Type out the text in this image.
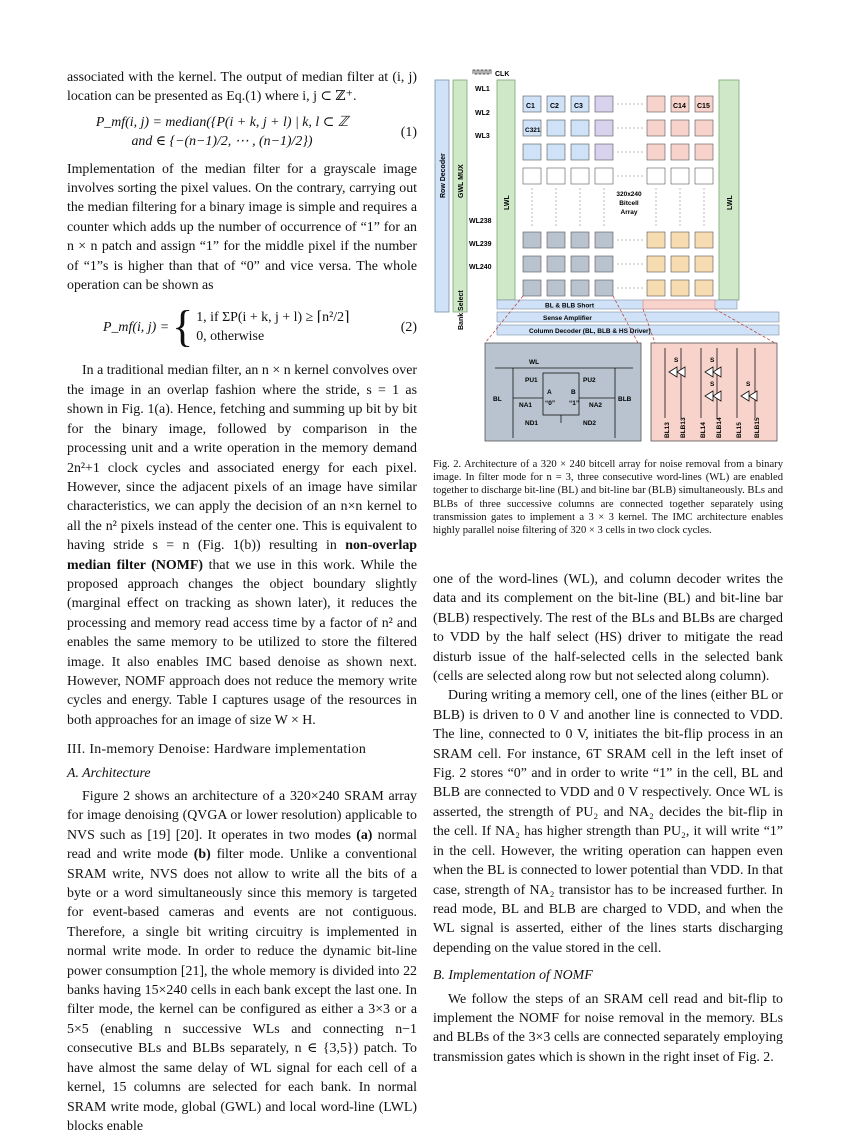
associated with the kernel. The output of median filter at (i, j) location can be presented as Eq.(1) where i, j ⊂ ℤ⁺.

P_mf(i, j) = median({P(i + k, j + l) | k, l ⊂ ℤ
and ∈ {−(n−1)/2, ⋯ , (n−1)/2})
(1)

Implementation of the median filter for a grayscale image involves sorting the pixel values. On the contrary, carrying out the median filtering for a binary image is simple and requires a counter which adds up the number of occurrence of “1” for an n × n patch and assign “1” for the middle pixel if the number of “1”s is higher than that of “0” and vice versa. The whole operation can be shown as

P_mf(i, j) = { 1, if ΣP(i + k, j + l) ≥ ⌈n²/2⌉
0, otherwise
(2)

In a traditional median filter, an n × n kernel convolves over the image in an overlap fashion where the stride, s = 1 as shown in Fig. 1(a). Hence, fetching and summing up bit by bit for the binary image, followed by comparison in the processing unit and a write operation in the memory demand 2n²+1 clock cycles and associated energy for each pixel. However, since the adjacent pixels of an image have similar characteristics, we can apply the decision of an n×n kernel to all the n² pixels instead of the center one. This is equivalent to having stride s = n (Fig. 1(b)) resulting in non-overlap median filter (NOMF) that we use in this work. While the proposed approach changes the object boundary slightly (marginal effect on tracking as shown later), it reduces the processing and memory read access time by a factor of n² and enables the same memory to be utilized to store the filtered image. It also enables IMC based denoise as shown next. However, NOMF approach does not reduce the memory write cycles and energy. Table I captures usage of the resources in both approaches for an image of size W × H.

III. In-memory Denoise: Hardware implementation
A. Architecture

Figure 2 shows an architecture of a 320×240 SRAM array for image denoising (QVGA or lower resolution) applicable to NVS such as [19] [20]. It operates in two modes (a) normal read and write mode (b) filter mode. Unlike a conventional SRAM write, NVS does not allow to write all the bits of a byte or a word simultaneously since this memory is targeted for event-based cameras and events are not contiguous. Therefore, a single bit writing circuitry is implemented in normal write mode. In order to reduce the dynamic bit-line power consumption [21], the whole memory is divided into 22 banks having 15×240 cells in each bank except the last one. In filter mode, the kernel can be configured as either a 3×3 or a 5×5 (enabling n successive WLs and connecting n−1 consecutive BLs and BLBs separately, n ∈ {3,5}) patch. To have almost the same delay of WL signal for each cell of a kernel, 15 columns are selected for each bank. In normal SRAM write mode, global (GWL) and local word-line (LWL) blocks enable

Row Decoder GWL MUX
LWL	LWL
Bank Select
CLK
WL1
WL2
WL3
WL238
WL239
WL240
C1 C2 C3	C14 C15
C321
320x240
Bitcell
Array
BL & BLB Short
Sense Amplifier
Column Decoder (BL, BLB & HS Driver)
WL
PU1	PU2
A	B
“0” “1”
BL	BLB
NA1	NA2
ND1	ND2
S	S
S	S
BL13 BLB13 BL14 BLB14 BL15 BLB15
Fig. 2. Architecture of a 320 × 240 bitcell array for noise removal from a binary image. In filter mode for n = 3, three consecutive word-lines (WL) are enabled together to discharge bit-line (BL) and bit-line bar (BLB) simultaneously. BLs and BLBs of three successive columns are connected together separately using transmission gates to implement a 3 × 3 kernel. The IMC architecture enables highly parallel noise filtering of 320 × 3 cells in two clock cycles.

one of the word-lines (WL), and column decoder writes the data and its complement on the bit-line (BL) and bit-line bar (BLB) respectively. The rest of the BLs and BLBs are charged to VDD by the half select (HS) driver to mitigate the read disturb issue of the half-selected cells in the selected bank (cells are selected along row but not selected along column).

During writing a memory cell, one of the lines (either BL or BLB) is driven to 0 V and another line is connected to VDD. The line, connected to 0 V, initiates the bit-flip process in an SRAM cell. For instance, 6T SRAM cell in the left inset of Fig. 2 stores “0” and in order to write “1” in the cell, BL and BLB are connected to VDD and 0 V respectively. Once WL is asserted, the strength of PU₂ and NA₂ decides the bit-flip in the cell. If NA₂ has higher strength than PU₂, it will write “1” in the cell. However, the writing operation can happen even when the BL is connected to lower potential than VDD. In that case, strength of NA₂ transistor has to be increased further. In read mode, BL and BLB are charged to VDD, and when the WL signal is asserted, either of the lines starts discharging depending on the value stored in the cell.

B. Implementation of NOMF

We follow the steps of an SRAM cell read and bit-flip to implement the NOMF for noise removal in the memory. BLs and BLBs of the 3×3 cells are connected separately employing transmission gates which is shown in the right inset of Fig. 2.
